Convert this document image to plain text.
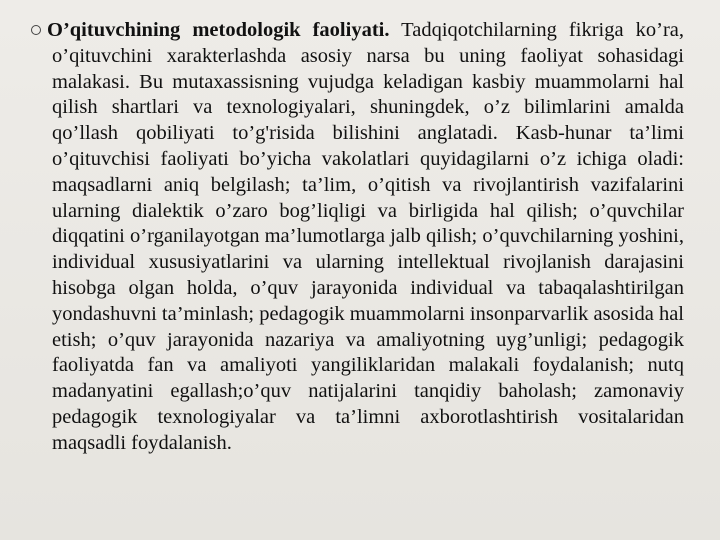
O’qituvchining metodologik faoliyati. Tadqiqotchilarning fikriga ko’ra, o’qituvchini xarakterlashda asosiy narsa bu uning faoliyat sohasidagi malakasi. Bu mutaxassisning vujudga keladigan kasbiy muammolarni hal qilish shartlari va texnologiyalari, shuningdek, o’z bilimlarini amalda qo’llash qobiliyati to’g'risida bilishini anglatadi. Kasb-hunar ta’limi o’qituvchisi faoliyati bo’yicha vakolatlari quyidagilarni o’z ichiga oladi: maqsadlarni aniq belgilash; ta’lim, o’qitish va rivojlantirish vazifalarini ularning dialektik o’zaro bog’liqligi va birligida hal qilish; o’quvchilar diqqatini o’rganilayotgan ma’lumotlarga jalb qilish; o’quvchilarning yoshini, individual xususiyatlarini va ularning intellektual rivojlanish darajasini hisobga olgan holda, o’quv jarayonida individual va tabaqalashtirilgan yondashuvni ta’minlash; pedagogik muammolarni insonparvarlik asosida hal etish; o’quv jarayonida nazariya va amaliyotning uyg’unligi; pedagogik faoliyatda fan va amaliyoti yangiliklaridan malakali foydalanish; nutq madanyatini egallash;o’quv natijalarini tanqidiy baholash; zamonaviy pedagogik texnologiyalar va ta’limni axborotlashtirish vositalaridan maqsadli foydalanish.
